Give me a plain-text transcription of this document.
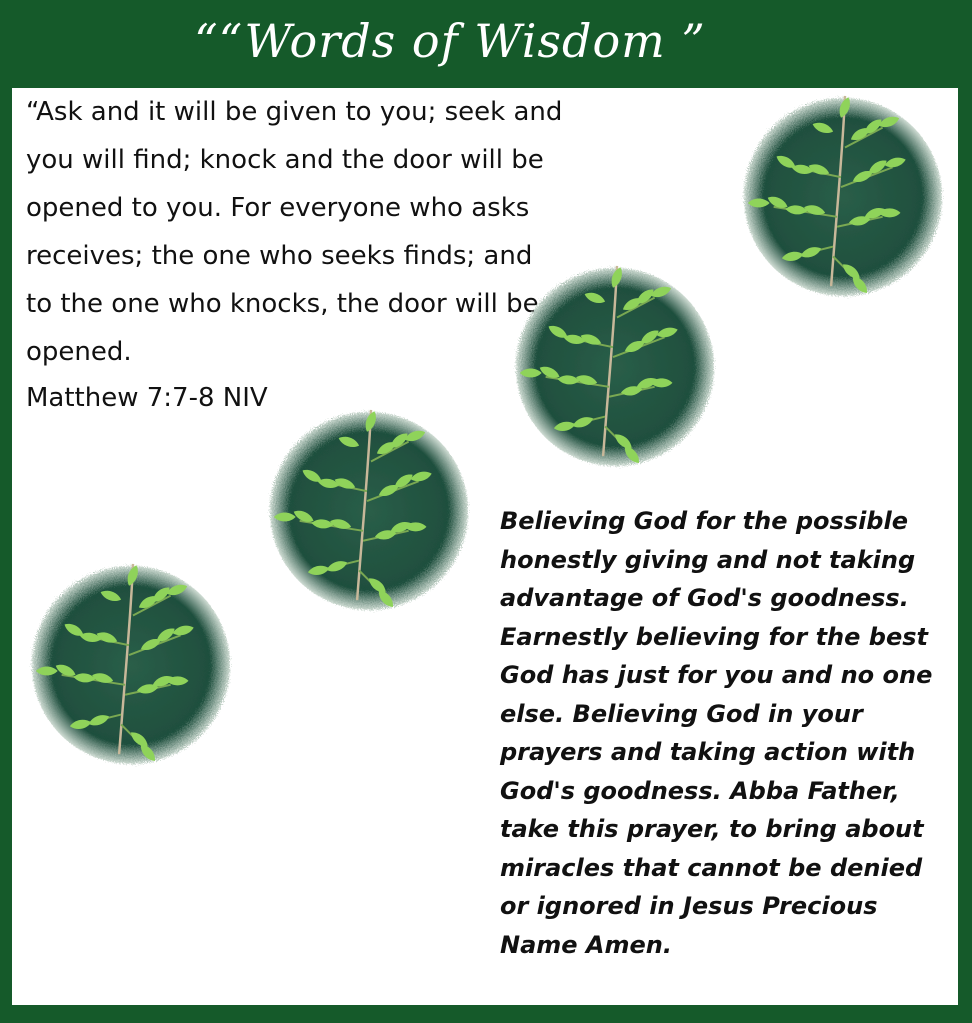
““Words of Wisdom ”

“Ask and it will be given to you; seek and you will find; knock and the door will be opened to you. For everyone who asks receives; the one who seeks finds; and to the one who knocks, the door will be opened.

Matthew 7:7-8 NIV

Believing God for the possible honestly giving and not taking advantage of God's goodness. Earnestly believing for the best God has just for you and no one else. Believing God in your prayers and taking action with God's goodness. Abba Father, take this prayer, to bring about miracles that cannot be denied or ignored in Jesus Precious Name Amen.
